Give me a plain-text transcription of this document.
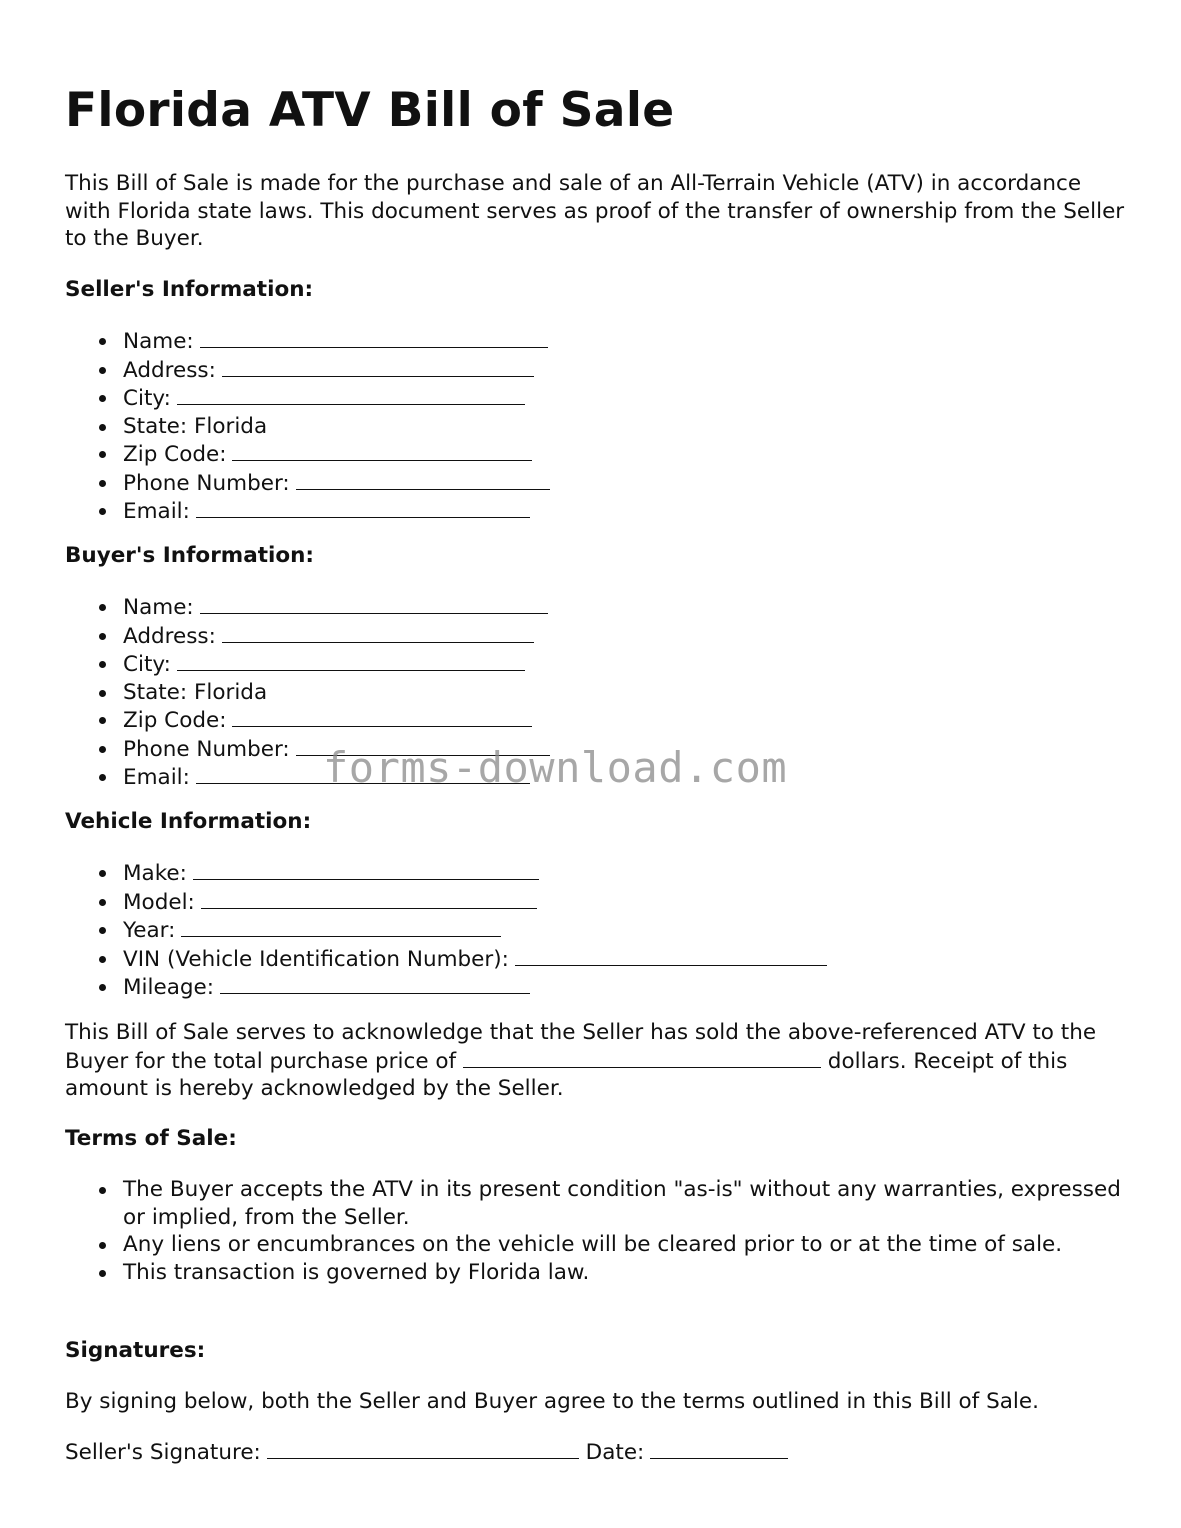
Florida ATV Bill of Sale

This Bill of Sale is made for the purchase and sale of an All-Terrain Vehicle (ATV) in accordance with Florida state laws. This document serves as proof of the transfer of ownership from the Seller to the Buyer.

Seller's Information:

Name:
Address:
City:
State: Florida
Zip Code:
Phone Number:
Email:

Buyer's Information:

Name:
Address:
City:
State: Florida
Zip Code:
Phone Number:
Email:

Vehicle Information:

Make:
Model:
Year:
VIN (Vehicle Identification Number):
Mileage:

This Bill of Sale serves to acknowledge that the Seller has sold the above-referenced ATV to the Buyer for the total purchase price of	dollars. Receipt of this amount is hereby acknowledged by the Seller.

Terms of Sale:

The Buyer accepts the ATV in its present condition "as-is" without any warranties, expressed or implied, from the Seller.
Any liens or encumbrances on the vehicle will be cleared prior to or at the time of sale.
This transaction is governed by Florida law.

Signatures:

By signing below, both the Seller and Buyer agree to the terms outlined in this Bill of Sale.

Seller's Signature:	Date:

forms-download.com
